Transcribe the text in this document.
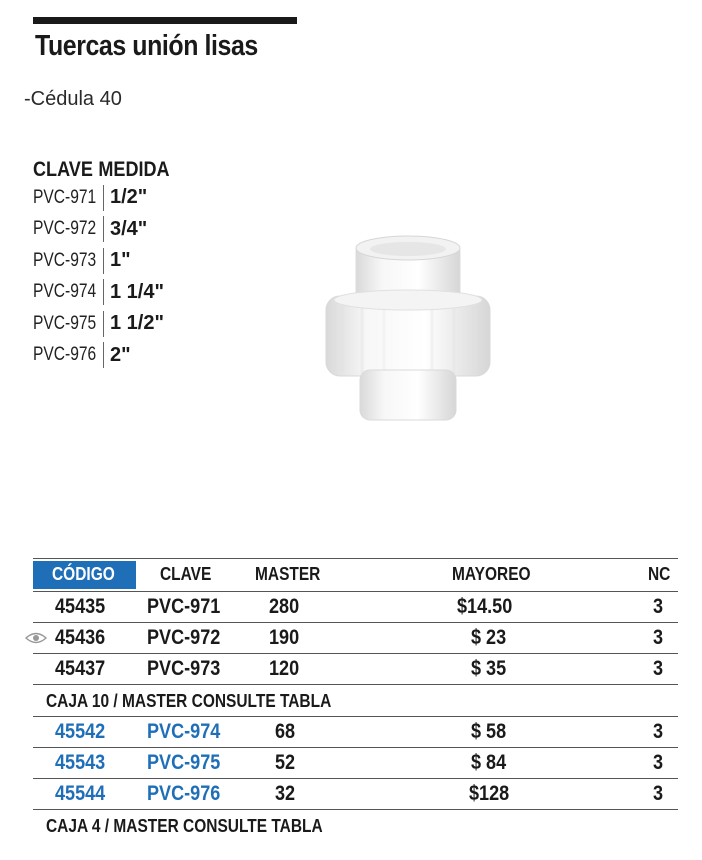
Tuercas unión lisas
-Cédula 40
CLAVE MEDIDA
PVC-971 1/2"
PVC-972 3/4"
PVC-973 1"
PVC-974 1 1/4"
PVC-975 1 1/2"
PVC-976 2"
CÓDIGO	CLAVE MASTER	MAYOREO	NC
45435 PVC-971 280	$14.50	3
45436 PVC-972 190	$ 23	3
45437 PVC-973 120	$ 35	3
CAJA 10 / MASTER CONSULTE TABLA
45542 PVC-974	68	$ 58	3
45543 PVC-975	52	$ 84	3
45544 PVC-976	32	$128	3
CAJA 4 / MASTER CONSULTE TABLA
